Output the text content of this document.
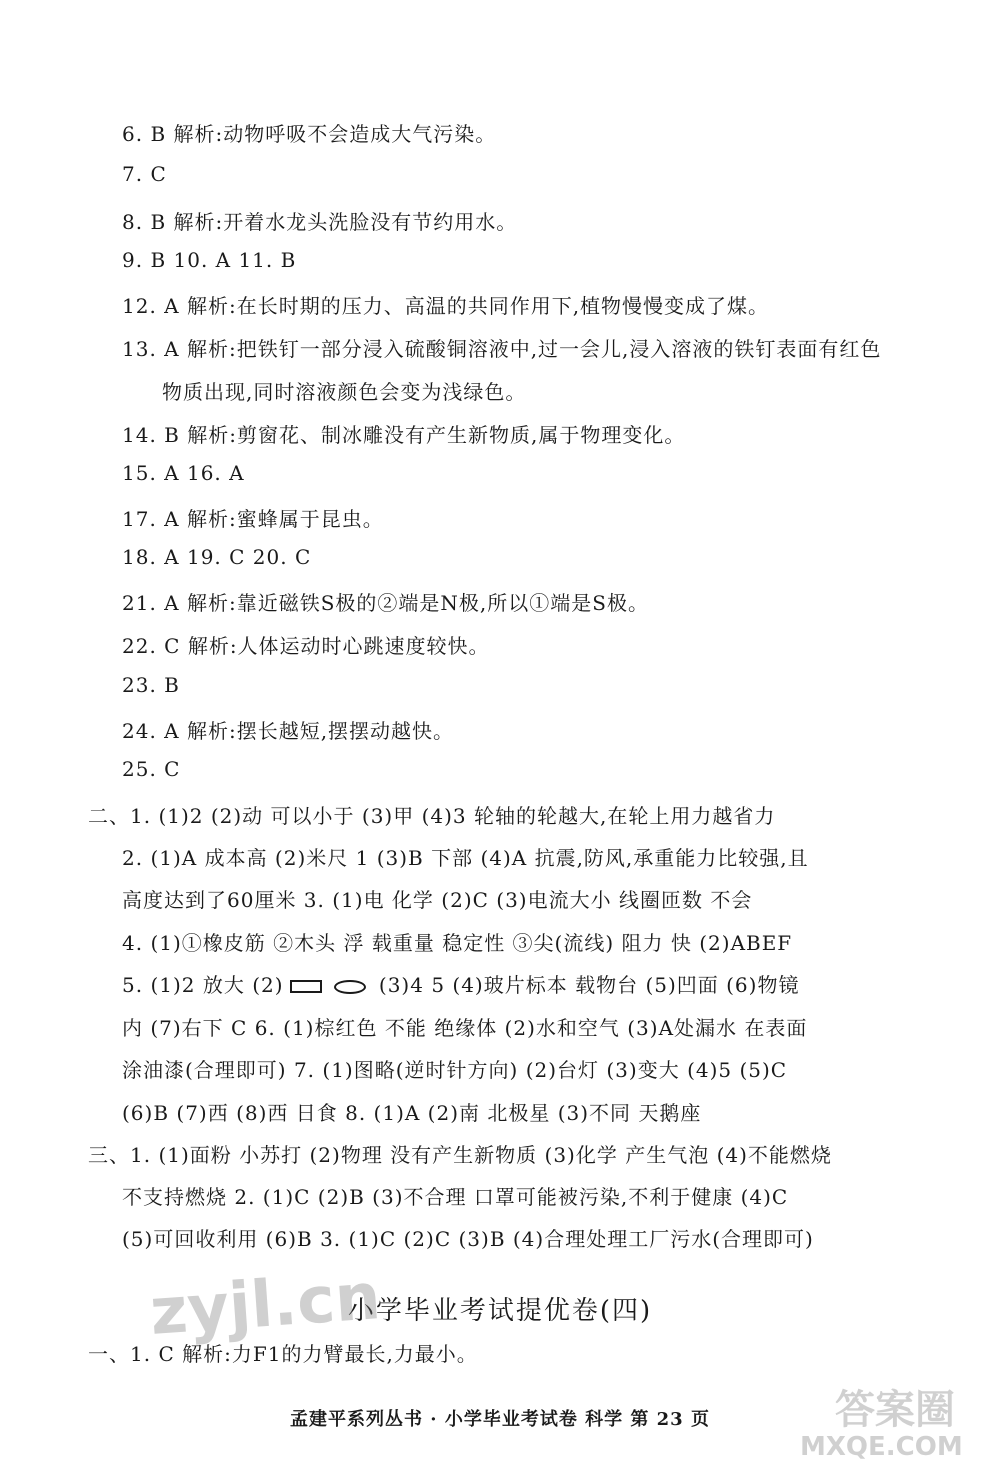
6. B 解析:动物呼吸不会造成大气污染。
7. C
8. B 解析:开着水龙头洗脸没有节约用水。
9. B 10. A 11. B
12. A 解析:在长时期的压力、高温的共同作用下,植物慢慢变成了煤。
13. A 解析:把铁钉一部分浸入硫酸铜溶液中,过一会儿,浸入溶液的铁钉表面有红色
物质出现,同时溶液颜色会变为浅绿色。
14. B 解析:剪窗花、制冰雕没有产生新物质,属于物理变化。
15. A 16. A
17. A 解析:蜜蜂属于昆虫。
18. A 19. C 20. C
21. A 解析:靠近磁铁S极的②端是N极,所以①端是S极。
22. C 解析:人体运动时心跳速度较快。
23. B
24. A 解析:摆长越短,摆摆动越快。
25. C
二、1. (1)2 (2)动 可以小于 (3)甲 (4)3 轮轴的轮越大,在轮上用力越省力
2. (1)A 成本高 (2)米尺 1 (3)B 下部 (4)A 抗震,防风,承重能力比较强,且
高度达到了60厘米 3. (1)电 化学 (2)C (3)电流大小 线圈匝数 不会
4. (1)①橡皮筋 ②木头 浮 载重量 稳定性 ③尖(流线) 阻力 快 (2)ABEF
内 (7)右下 C 6. (1)棕红色 不能 绝缘体 (2)水和空气 (3)A处漏水 在表面
涂油漆(合理即可) 7. (1)图略(逆时针方向) (2)台灯 (3)变大 (4)5 (5)C
(6)B (7)西 (8)西 日食 8. (1)A (2)南 北极星 (3)不同 天鹅座
三、1. (1)面粉 小苏打 (2)物理 没有产生新物质 (3)化学 产生气泡 (4)不能燃烧
不支持燃烧 2. (1)C (2)B (3)不合理 口罩可能被污染,不利于健康 (4)C
(5)可回收利用 (6)B 3. (1)C (2)C (3)B (4)合理处理工厂污水(合理即可)
一、1. C 解析:力F1的力臂最长,力最小。
5. (1)2 放大 (2)	(3)4 5 (4)玻片标本 载物台 (5)凹面 (6)物镜
小学毕业考试提优卷(四)
孟建平系列丛书 · 小学毕业考试卷 科学 第 23 页
zyjl.cn
答案圈
MXQE.COM
